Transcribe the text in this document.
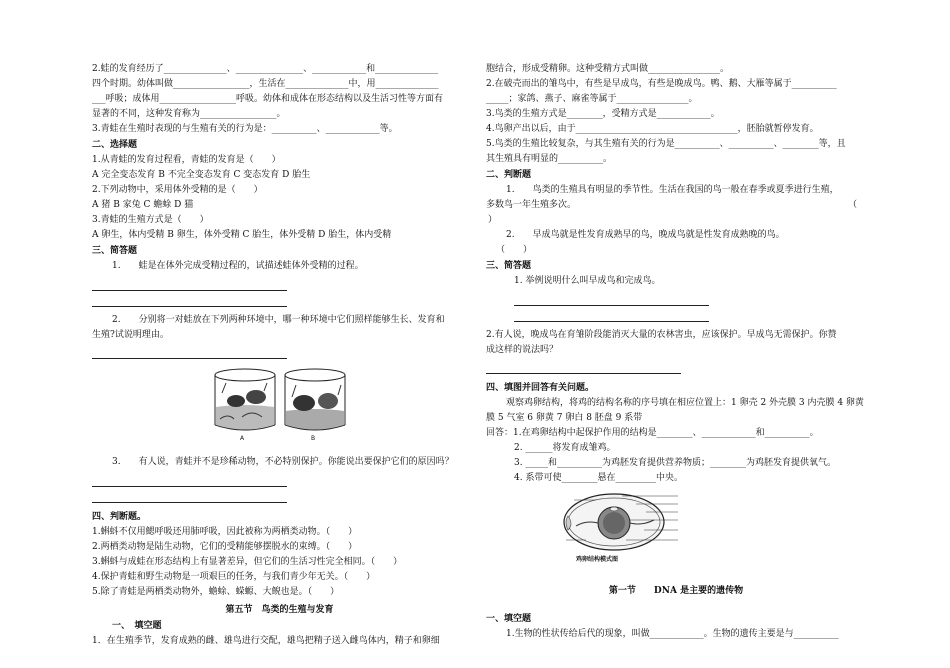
2.蛙的发育经历了______________、_______________、____________和______________
四个时期。幼体叫做_________________，生活在______________中，用______________
___呼吸；成体用_________________呼吸。幼体和成体在形态结构以及生活习性等方面有
显著的不同，这种发育称为_________________。
3.青蛙在生殖时表现的与生殖有关的行为是：__________、____________等。
二、选择题
1.从青蛙的发育过程看，青蛙的发育是（　　）
A 完全变态发育 B 不完全变态发育 C 变态发育 D 胎生
2.下列动物中，采用体外受精的是（　　）
A 猪 B 家兔 C 蟾蜍 D 猫
3.青蛙的生殖方式是（　　）
A 卵生，体内受精 B 卵生，体外受精 C 胎生，体外受精 D 胎生，体内受精
三、简答题
1.　　蛙是在体外完成受精过程的，试描述蛙体外受精的过程。
2.　　分别将一对蛙放在下列两种环境中，哪一种环境中它们照样能够生长、发育和
生殖?试说明理由。
A	B
3.　　有人说，青蛙并不是珍稀动物，不必特别保护。你能说出要保护它们的原因吗？
四、判断题。
1.蝌蚪不仅用鳃呼吸还用肺呼吸，因此被称为两栖类动物。（　　）
2.两栖类动物是陆生动物，它们的受精能够摆脱水的束缚。（　　）
3.蝌蚪与成蛙在形态结构上有显著差异，但它们的生活习性完全相同。（　　）
4.保护青蛙和野生动物是一项艰巨的任务，与我们青少年无关。（　　）
5.除了青蛙是两栖类动物外，蟾蜍、蝾螈、大鲵也是。（　　）
第五节　鸟类的生殖与发育
一、　填空题
1．在生殖季节，发育成熟的雌、雄鸟进行交配，雄鸟把精子送入雌鸟体内，精子和卵细
胞结合，形成受精卵。这种受精方式叫做________________。
2.在破壳而出的雏鸟中，有些是早成鸟，有些是晚成鸟。鸭、鹅、大雁等属于__________
_____；家鸽、燕子、麻雀等属于________________。
3.鸟类的生殖方式是________，受精方式是____________。
4.鸟卵产出以后，由于____________________________________，胚胎就暂停发育。
5.鸟类的生殖比较复杂，与其生殖有关的行为是__________、__________、________等，且
其生殖具有明显的__________。
二、判断题
1.　　鸟类的生殖具有明显的季节性。生活在我国的鸟一般在春季或夏季进行生殖，
多数鸟一年生殖多次。	（
）
2.　　早成鸟就是性发育成熟早的鸟，晚成鸟就是性发育成熟晚的鸟。
（　　）
三、简答题
1. 举例说明什么叫早成鸟和完成鸟。
2.有人说，晚成鸟在育雏阶段能消灭大量的农林害虫，应该保护。早成鸟无需保护。你赞
成这样的说法吗？
四、填图并回答有关问题。
观察鸡卵结构，将鸡的结构名称的序号填在相应位置上：1 卵壳 2 外壳膜 3 内壳膜 4 卵黄
膜 5 气室 6 卵黄 7 卵白 8 胚盘 9 系带
回答：1.在鸡卵结构中起保护作用的结构是________、____________和__________。
2. ______将发育成雏鸡。
3. _____和__________为鸡胚发育提供营养物质；________为鸡胚发育提供氧气。
4. 系带可使________悬在_________中央。
鸡卵结构模式图
第一节　　DNA 是主要的遗传物
一、填空题
1.生物的性状传给后代的现象，叫做____________。生物的遗传主要是与__________
